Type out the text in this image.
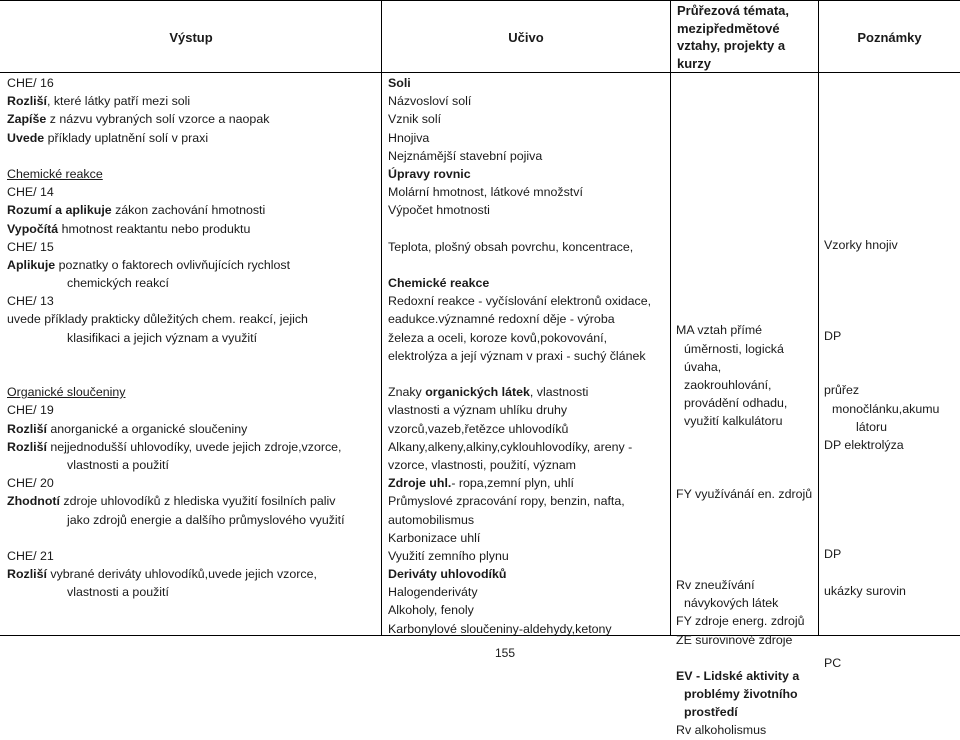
Výstup	Učivo
Průřezová témata,
mezipředmětové
vztahy, projekty a
kurzy
Poznámky
CHE/ 16
Rozliší, které látky patří mezi soli
Zapíše z názvu vybraných solí vzorce a naopak
Uvede příklady uplatnění solí v praxi
Chemické reakce
CHE/ 14
Rozumí a aplikuje zákon zachování hmotnosti
Vypočítá hmotnost reaktantu nebo produktu
CHE/ 15
Aplikuje poznatky o faktorech ovlivňujících rychlost
chemických reakcí
CHE/ 13
uvede příklady prakticky důležitých chem. reakcí, jejich
klasifikaci a jejich význam a využití
Organické sloučeniny
CHE/ 19
Rozliší anorganické a organické sloučeniny
Rozliší nejjednodušší uhlovodíky, uvede jejich zdroje,vzorce,
vlastnosti a použití
CHE/ 20
Zhodnotí zdroje uhlovodíků z hlediska využití fosilních paliv
jako zdrojů energie a dalšího průmyslového využití
CHE/ 21
Rozliší vybrané deriváty uhlovodíků,uvede jejich vzorce,
vlastnosti a použití
Soli
Názvosloví solí
Vznik solí
Hnojiva
Nejznámější stavební pojiva
Úpravy rovnic
Molární hmotnost, látkové množství
Výpočet hmotnosti
Teplota, plošný obsah povrchu, koncentrace,
Chemické reakce
Redoxní reakce - vyčíslování elektronů oxidace,
eadukce.významné redoxní děje - výroba
železa a oceli, koroze kovů,pokovování,
elektrolýza a její význam v praxi - suchý článek
Znaky organických látek, vlastnosti
vlastnosti a význam uhlíku druhy
vzorců,vazeb,řetězce uhlovodíků
Alkany,alkeny,alkiny,cyklouhlovodíky, areny -
vzorce, vlastnosti, použití, význam
Zdroje uhl.- ropa,zemní plyn, uhlí
Průmyslové zpracování ropy, benzin, nafta,
automobilismus
Karbonizace uhlí
Využití zemního plynu
Deriváty uhlovodíků
Halogenderiváty
Alkoholy, fenoly
Karbonylové sloučeniny-aldehydy,ketony
MA vztah přímé
úměrnosti, logická
úvaha,
zaokrouhlování,
provádění odhadu,
využití kalkulátoru
FY využívánáí en. zdrojů
Rv zneužívání
návykových látek
FY zdroje energ. zdrojů
ZE surovinové zdroje
EV - Lidské aktivity a
problémy životního
prostředí
Rv alkoholismus
Vzorky hnojiv
DP
průřez
monočlánku,akumu
látoru
DP elektrolýza
DP
ukázky surovin
PC
155
